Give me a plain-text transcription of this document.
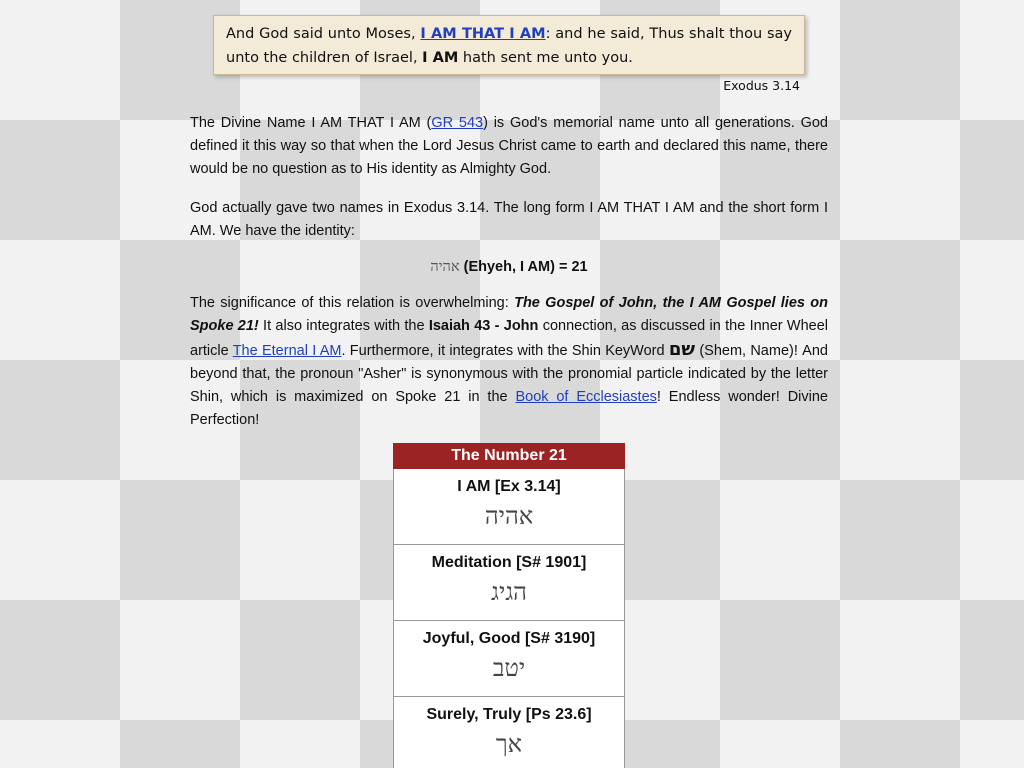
And God said unto Moses, I AM THAT I AM: and he said, Thus shalt thou say unto the children of Israel, I AM hath sent me unto you.
Exodus 3.14

The Divine Name I AM THAT I AM (GR 543) is God's memorial name unto all generations. God defined it this way so that when the Lord Jesus Christ came to earth and declared this name, there would be no question as to His identity as Almighty God.

God actually gave two names in Exodus 3.14. The long form I AM THAT I AM and the short form I AM. We have the identity:

אהיה (Ehyeh, I AM) = 21

The significance of this relation is overwhelming: The Gospel of John, the I AM Gospel lies on Spoke 21! It also integrates with the Isaiah 43 - John connection, as discussed in the Inner Wheel article The Eternal I AM. Furthermore, it integrates with the Shin KeyWord שם (Shem, Name)! And beyond that, the pronoun "Asher" is synonymous with the pronomial particle indicated by the letter Shin, which is maximized on Spoke 21 in the Book of Ecclesiastes! Endless wonder! Divine Perfection!

The Number 21

I AM [Ex 3.14]
אהיה

Meditation [S# 1901]
הגיג

Joyful, Good [S# 3190]
יטב

Surely, Truly [Ps 23.6]
אך
